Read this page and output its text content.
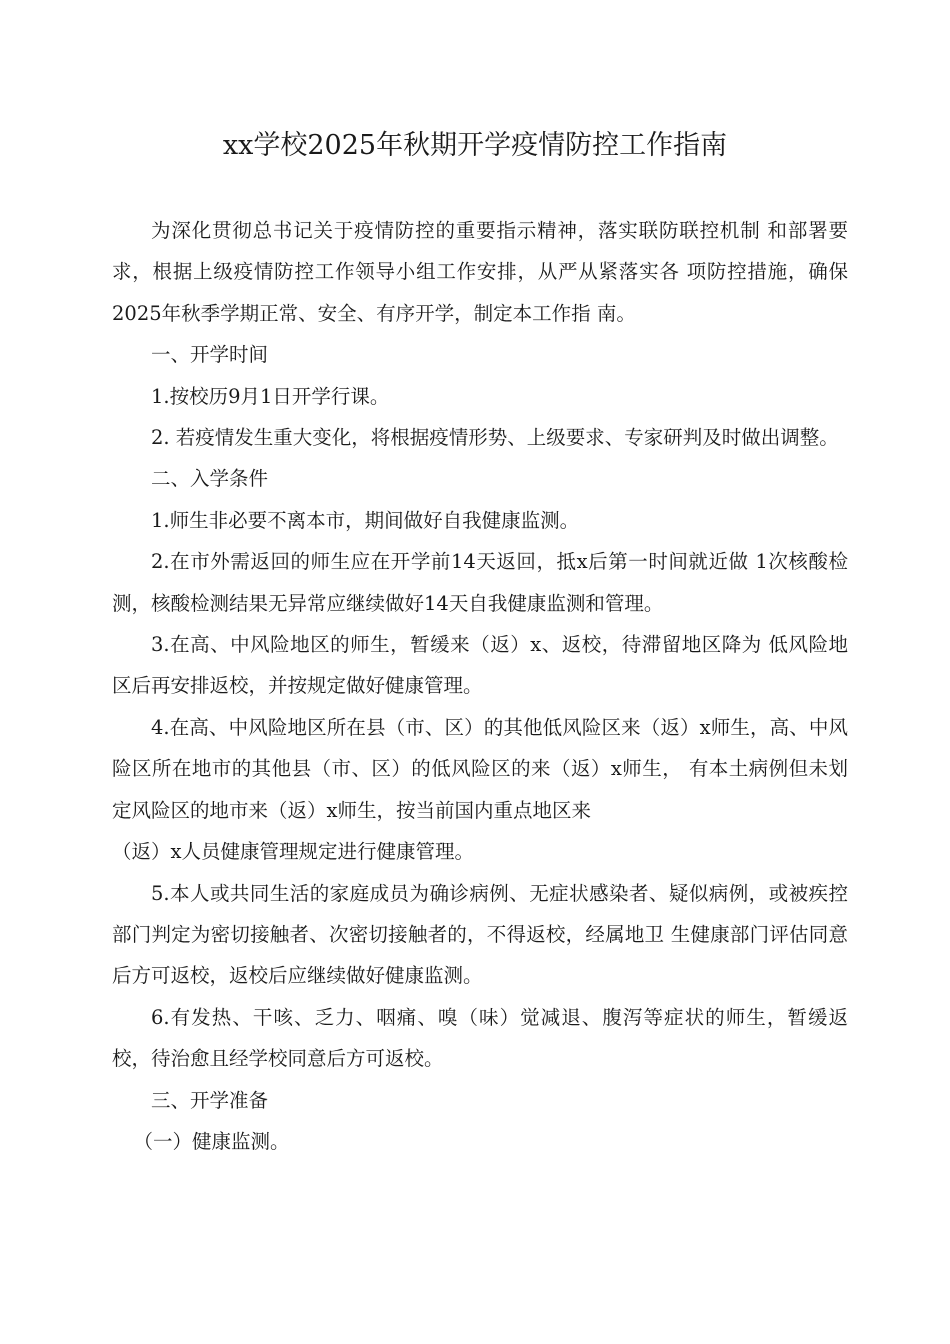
xx学校2025年秋期开学疫情防控工作指南

为深化贯彻总书记关于疫情防控的重要指示精神，落实联防联控机制 和部署要求，根据上级疫情防控工作领导小组工作安排，从严从紧落实各 项防控措施，确保2025年秋季学期正常、安全、有序开学，制定本工作指 南。

一、开学时间

1.按校历9月1日开学行课。

2. 若疫情发生重大变化，将根据疫情形势、上级要求、专家研判及时做出调整。

二、入学条件

1.师生非必要不离本市，期间做好自我健康监测。

2.在市外需返回的师生应在开学前14天返回，抵x后第一时间就近做 1次核酸检测，核酸检测结果无异常应继续做好14天自我健康监测和管理。

3.在高、中风险地区的师生，暂缓来（返）x、返校，待滞留地区降为 低风险地区后再安排返校，并按规定做好健康管理。

4.在高、中风险地区所在县（市、区）的其他低风险区来（返）x师生，高、中风险区所在地市的其他县（市、区）的低风险区的来（返）x师生， 有本土病例但未划定风险区的地市来（返）x师生，按当前国内重点地区来

（返）x人员健康管理规定进行健康管理。

5.本人或共同生活的家庭成员为确诊病例、无症状感染者、疑似病例，或被疾控部门判定为密切接触者、次密切接触者的，不得返校，经属地卫 生健康部门评估同意后方可返校，返校后应继续做好健康监测。

6.有发热、干咳、乏力、咽痛、嗅（味）觉减退、腹泻等症状的师生，暂缓返校，待治愈且经学校同意后方可返校。

三、开学准备

（一）健康监测。
